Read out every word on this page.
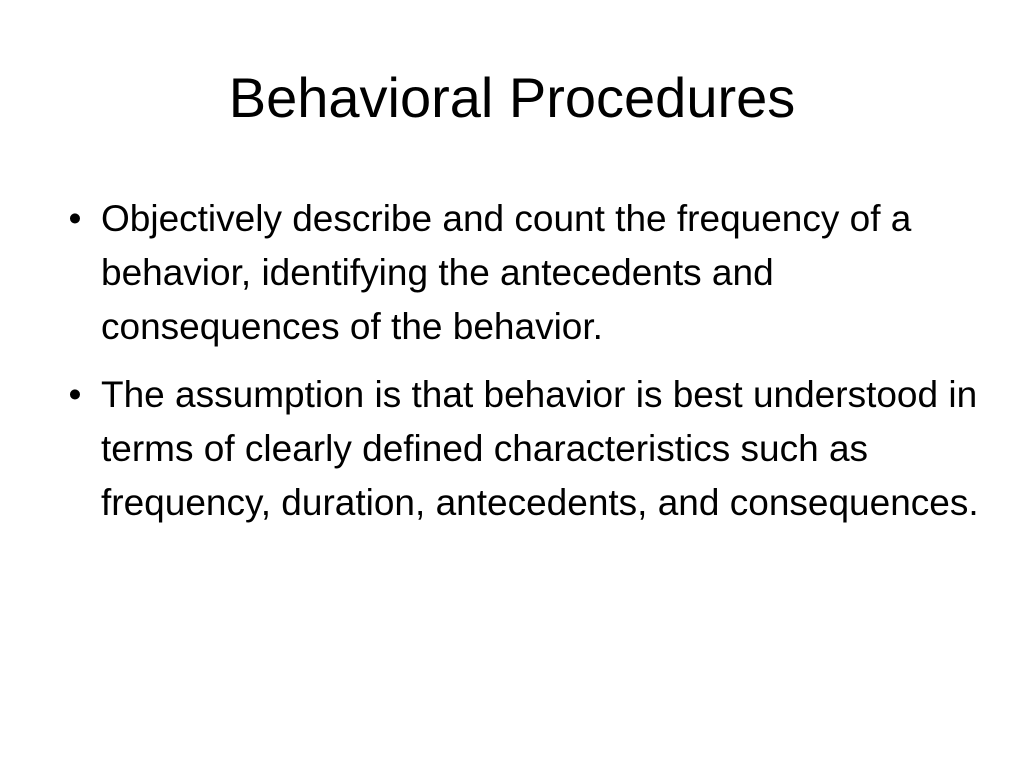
Behavioral Procedures
• Objectively describe and count the frequency of a behavior, identifying the antecedents and consequences of the behavior.
• The assumption is that behavior is best understood in terms of clearly defined characteristics such as frequency, duration, antecedents, and consequences.
